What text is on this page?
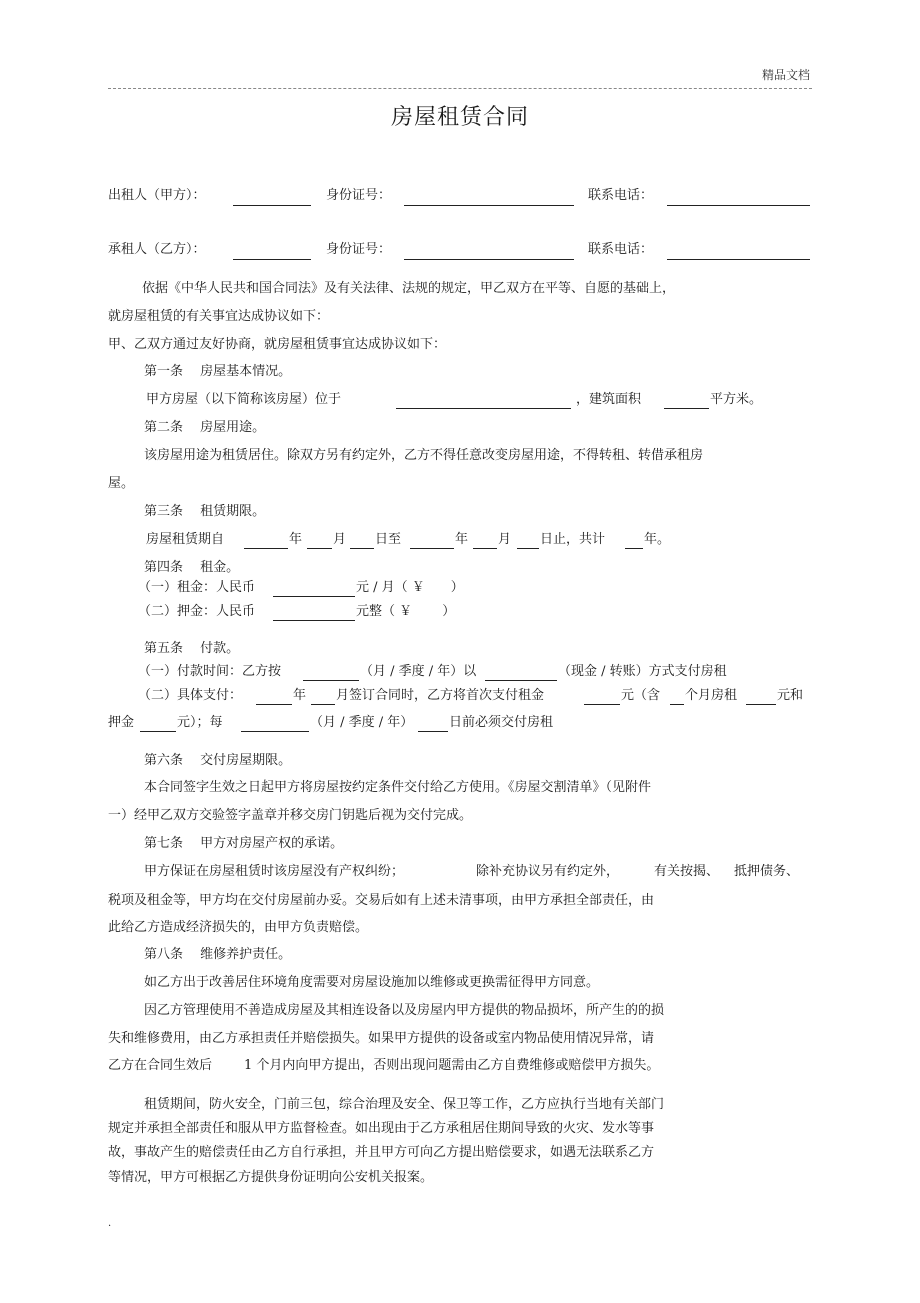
精品文档
房屋租赁合同
出租人（甲方）：	身份证号：	联系电话：
承租人（乙方）：	身份证号：	联系电话：
依据《中华人民共和国合同法》及有关法律、法规的规定，甲乙双方在平等、自愿的基础上，
就房屋租赁的有关事宜达成协议如下：
甲、乙双方通过友好协商，就房屋租赁事宜达成协议如下：
第一条　 房屋基本情况。
甲方房屋（以下简称该房屋）位于	，建筑面积	平方米。
第二条　 房屋用途。
该房屋用途为租赁居住。除双方另有约定外，乙方不得任意改变房屋用途，不得转租、转借承租房
屋。
第三条　 租赁期限。
房屋租赁期自	年 月 日至	年 月 日止，共计	年。
第四条　 租金。
（一）租金：人民币	元 / 月（ ￥　　）
（二）押金：人民币	元整（ ￥　　 ）
第五条　 付款。
（一）付款时间：乙方按	（月 / 季度 / 年）以	（现金 / 转账）方式支付房租
（二）具体支付：	年 月签订合同时，乙方将首次支付租金	元（含 个月房租	元和
押金	元）；每	（月 / 季度 / 年）	日前必须交付房租
第六条　 交付房屋期限。
本合同签字生效之日起甲方将房屋按约定条件交付给乙方使用。《房屋交割清单》（见附件
一）经甲乙双方交验签字盖章并移交房门钥匙后视为交付完成。
第七条　 甲方对房屋产权的承诺。
甲方保证在房屋租赁时该房屋没有产权纠纷；	除补充协议另有约定外，	有关按揭、 抵押债务、
税项及租金等，甲方均在交付房屋前办妥。交易后如有上述未清事项，由甲方承担全部责任，由
此给乙方造成经济损失的，由甲方负责赔偿。
第八条　 维修养护责任。
如乙方出于改善居住环境角度需要对房屋设施加以维修或更换需征得甲方同意。
因乙方管理使用不善造成房屋及其相连设备以及房屋内甲方提供的物品损坏，所产生的的损
失和维修费用，由乙方承担责任并赔偿损失。如果甲方提供的设备或室内物品使用情况异常，请
乙方在合同生效后 1 个月内向甲方提出，否则出现问题需由乙方自费维修或赔偿甲方损失。
租赁期间，防火安全，门前三包，综合治理及安全、保卫等工作，乙方应执行当地有关部门
规定并承担全部责任和服从甲方监督检查。如出现由于乙方承租居住期间导致的火灾、发水等事
故，事故产生的赔偿责任由乙方自行承担，并且甲方可向乙方提出赔偿要求，如遇无法联系乙方
等情况，甲方可根据乙方提供身份证明向公安机关报案。
.
